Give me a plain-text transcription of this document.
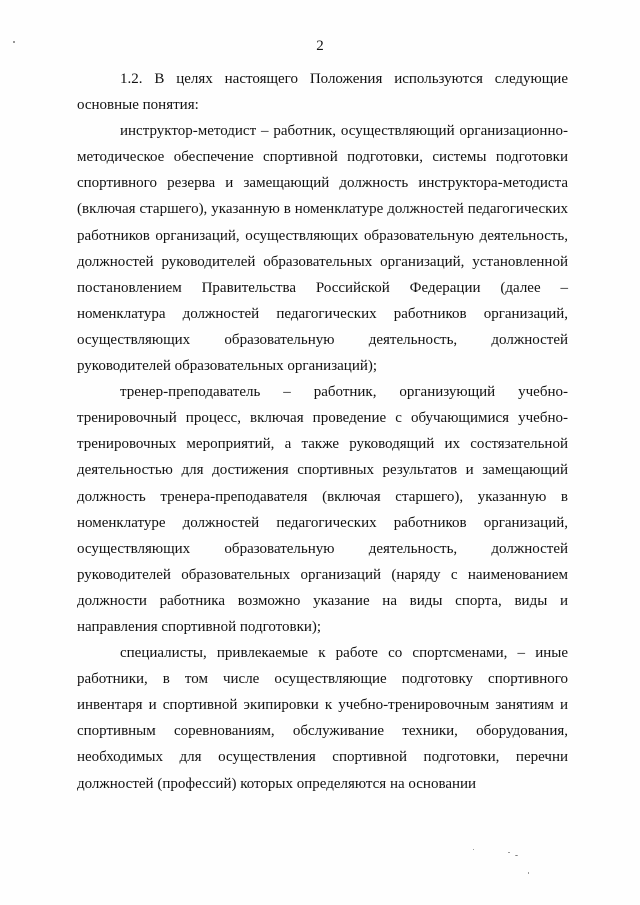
2

1.2. В целях настоящего Положения используются следующие основные понятия:

инструктор-методист – работник, осуществляющий организационно-методическое обеспечение спортивной подготовки, системы подготовки спортивного резерва и замещающий должность инструктора-методиста (включая старшего), указанную в номенклатуре должностей педагогических работников организаций, осуществляющих образовательную деятельность, должностей руководителей образовательных организаций, установленной постановлением Правительства Российской Федерации (далее – номенклатура должностей педагогических работников организаций, осуществляющих образовательную деятельность, должностей руководителей образовательных организаций);

тренер-преподаватель – работник, организующий учебно-тренировочный процесс, включая проведение с обучающимися учебно-тренировочных мероприятий, а также руководящий их состязательной деятельностью для достижения спортивных результатов и замещающий должность тренера-преподавателя (включая старшего), указанную в номенклатуре должностей педагогических работников организаций, осуществляющих образовательную деятельность, должностей руководителей образовательных организаций (наряду с наименованием должности работника возможно указание на виды спорта, виды и направления спортивной подготовки);

специалисты, привлекаемые к работе со спортсменами, – иные работники, в том числе осуществляющие подготовку спортивного инвентаря и спортивной экипировки к учебно-тренировочным занятиям и спортивным соревнованиям, обслуживание техники, оборудования, необходимых для осуществления спортивной подготовки, перечни должностей (профессий) которых определяются на основании
